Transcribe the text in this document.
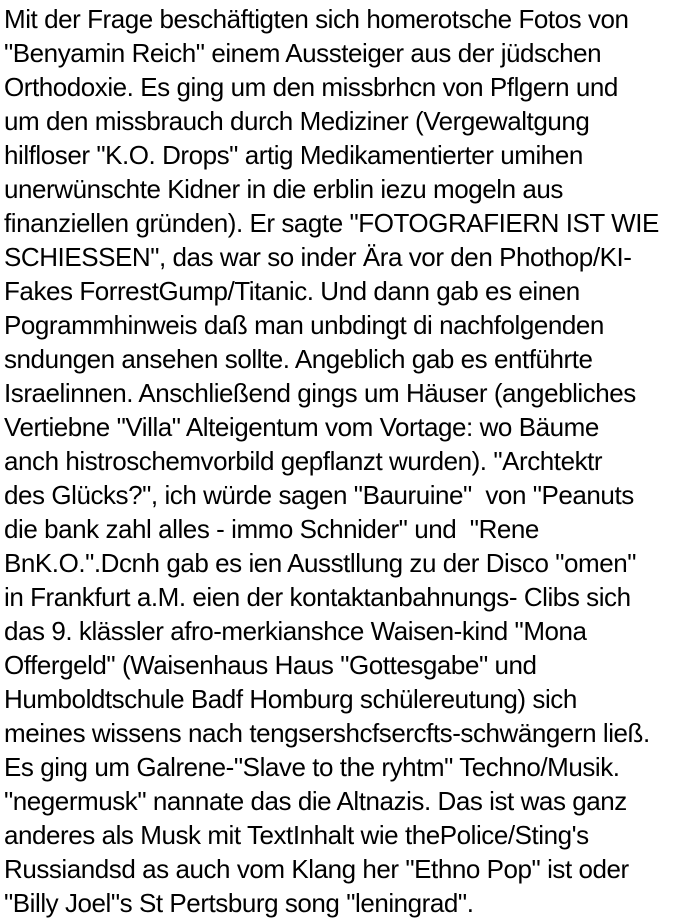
Mit der Frage beschäftigten sich homerotsche Fotos von
"Benyamin Reich" einem Aussteiger aus der jüdschen
Orthodoxie. Es ging um den missbrhcn von Pflgern und
um den missbrauch durch Mediziner (Vergewaltgung
hilfloser "K.O. Drops" artig Medikamentierter umihen
unerwünschte Kidner in die erblin iezu mogeln aus
finanziellen gründen). Er sagte "FOTOGRAFIERN IST WIE
SCHIESSEN", das war so inder Ära vor den Phothop/KI-
Fakes ForrestGump/Titanic. Und dann gab es einen
Pogrammhinweis daß man unbdingt di nachfolgenden
sndungen ansehen sollte. Angeblich gab es entführte
Israelinnen. Anschließend gings um Häuser (angebliches
Vertiebne "Villa" Alteigentum vom Vortage: wo Bäume
anch histroschemvorbild gepflanzt wurden). "Archtektr
des Glücks?", ich würde sagen "Bauruine"  von "Peanuts
die bank zahl alles - immo Schnider" und  "Rene
BnK.O.".Dcnh gab es ien Ausstllung zu der Disco "omen"
in Frankfurt a.M. eien der kontaktanbahnungs- Clibs sich
das 9. klässler afro-merkianshce Waisen-kind "Mona
Offergeld" (Waisenhaus Haus "Gottesgabe" und
Humboldtschule Badf Homburg schülereutung) sich
meines wissens nach tengsershcfsercfts-schwängern ließ.
Es ging um Galrene-"Slave to the ryhtm" Techno/Musik.
"negermusk" nannate das die Altnazis. Das ist was ganz
anderes als Musk mit TextInhalt wie thePolice/Sting's
Russiandsd as auch vom Klang her "Ethno Pop" ist oder
"Billy Joel"s St Pertsburg song "leningrad".
